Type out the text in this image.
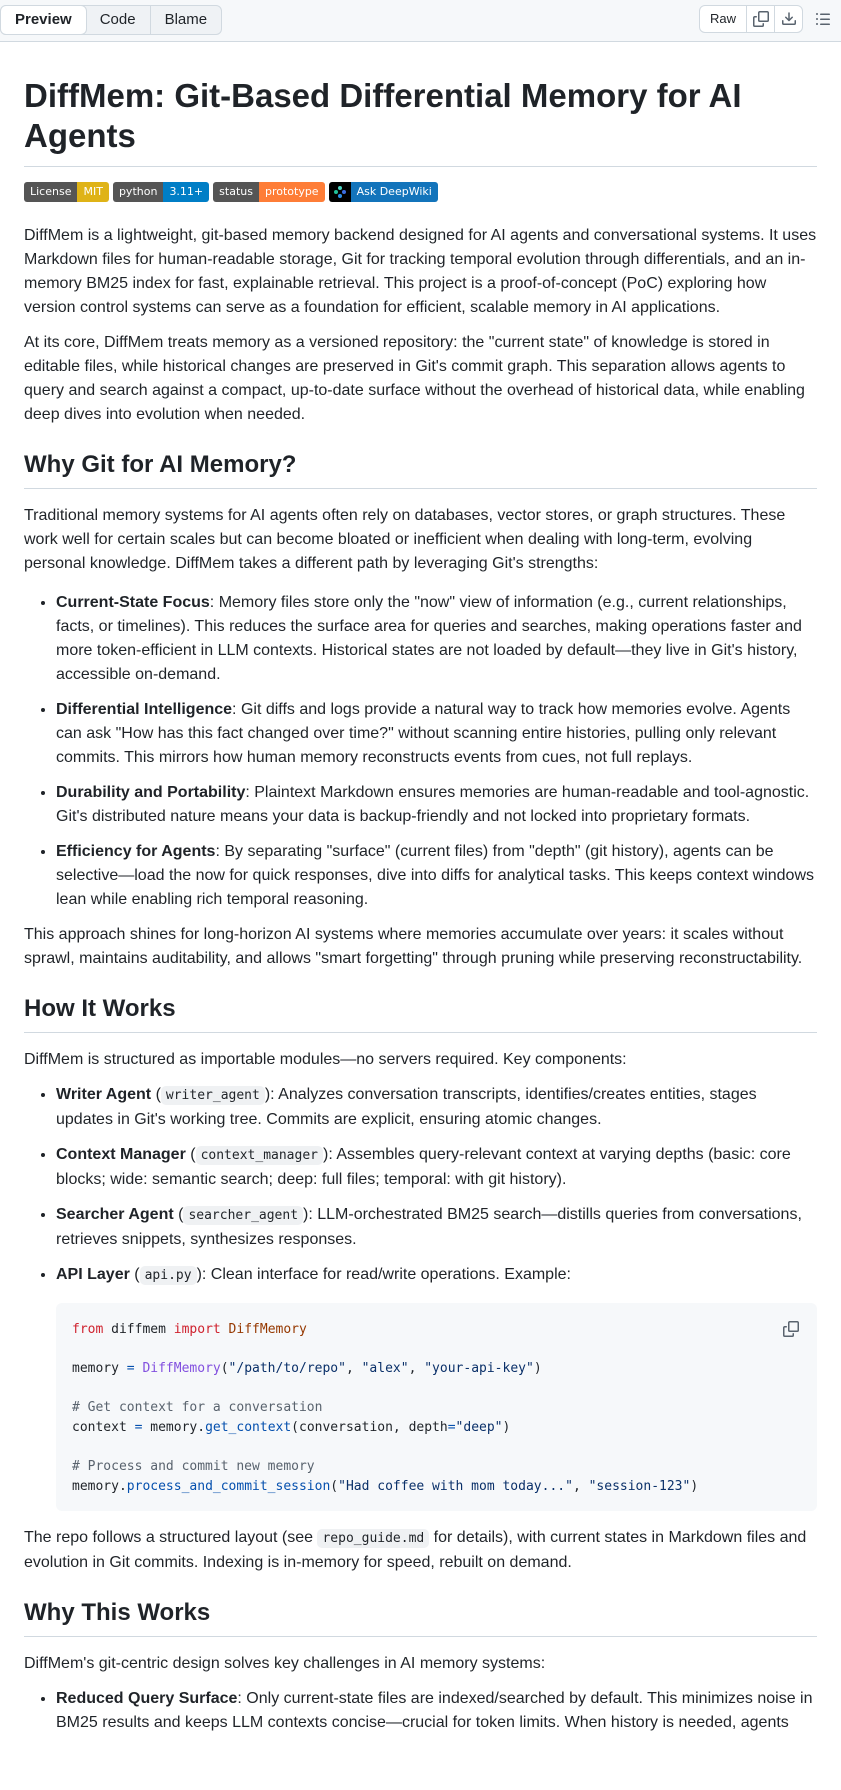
Preview	Code	Blame	Raw
DiffMem: Git-Based Differential Memory for AI Agents
License	MIT	python	3.11+	status	prototype	Ask DeepWiki

DiffMem is a lightweight, git-based memory backend designed for AI agents and conversational systems. It uses Markdown files for human-readable storage, Git for tracking temporal evolution through differentials, and an in-memory BM25 index for fast, explainable retrieval. This project is a proof-of-concept (PoC) exploring how version control systems can serve as a foundation for efficient, scalable memory in AI applications.

At its core, DiffMem treats memory as a versioned repository: the "current state" of knowledge is stored in editable files, while historical changes are preserved in Git's commit graph. This separation allows agents to query and search against a compact, up-to-date surface without the overhead of historical data, while enabling deep dives into evolution when needed.

Why Git for AI Memory?

Traditional memory systems for AI agents often rely on databases, vector stores, or graph structures. These work well for certain scales but can become bloated or inefficient when dealing with long-term, evolving personal knowledge. DiffMem takes a different path by leveraging Git's strengths:

• Current-State Focus: Memory files store only the "now" view of information (e.g., current relationships, facts, or timelines). This reduces the surface area for queries and searches, making operations faster and more token-efficient in LLM contexts. Historical states are not loaded by default—they live in Git's history, accessible on-demand.
• Differential Intelligence: Git diffs and logs provide a natural way to track how memories evolve. Agents can ask "How has this fact changed over time?" without scanning entire histories, pulling only relevant commits. This mirrors how human memory reconstructs events from cues, not full replays.
• Durability and Portability: Plaintext Markdown ensures memories are human-readable and tool-agnostic. Git's distributed nature means your data is backup-friendly and not locked into proprietary formats.
• Efficiency for Agents: By separating "surface" (current files) from "depth" (git history), agents can be selective—load the now for quick responses, dive into diffs for analytical tasks. This keeps context windows lean while enabling rich temporal reasoning.

This approach shines for long-horizon AI systems where memories accumulate over years: it scales without sprawl, maintains auditability, and allows "smart forgetting" through pruning while preserving reconstructability.

How It Works

DiffMem is structured as importable modules—no servers required. Key components:

• Writer Agent ( writer_agent ): Analyzes conversation transcripts, identifies/creates entities, stages updates in Git's working tree. Commits are explicit, ensuring atomic changes.
• Context Manager ( context_manager ): Assembles query-relevant context at varying depths (basic: core blocks; wide: semantic search; deep: full files; temporal: with git history).
• Searcher Agent ( searcher_agent ): LLM-orchestrated BM25 search—distills queries from conversations, retrieves snippets, synthesizes responses.
• API Layer ( api.py ): Clean interface for read/write operations. Example:
from diffmem import DiffMemory

memory = DiffMemory("/path/to/repo", "alex", "your-api-key")

# Get context for a conversation
context = memory.get_context(conversation, depth="deep")

# Process and commit new memory
memory.process_and_commit_session("Had coffee with mom today...", "session-123")

The repo follows a structured layout (see repo_guide.md for details), with current states in Markdown files and evolution in Git commits. Indexing is in-memory for speed, rebuilt on demand.

Why This Works

DiffMem's git-centric design solves key challenges in AI memory systems:

• Reduced Query Surface: Only current-state files are indexed/searched by default. This minimizes noise in BM25 results and keeps LLM contexts concise—crucial for token limits. When history is needed, agents
